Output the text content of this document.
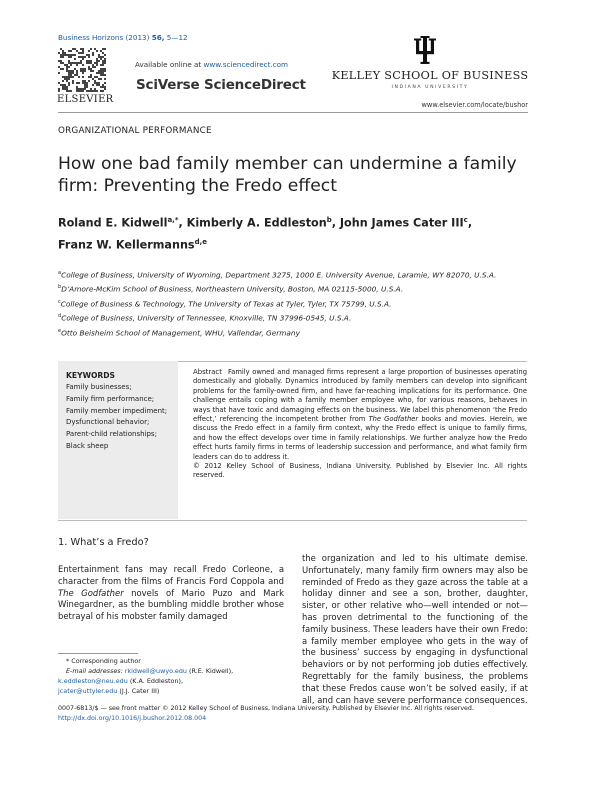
Business Horizons (2013) 56, 5—12
ELSEVIER
Available online at www.sciencedirect.com
SciVerse ScienceDirect
KELLEY SCHOOL OF BUSINESS
INDIANA UNIVERSITY
www.elsevier.com/locate/bushor
ORGANIZATIONAL PERFORMANCE
How one bad family member can undermine a family firm: Preventing the Fredo effect
Roland E. Kidwell$^{a,*}$, Kimberly A. Eddleston$^b$, John James Cater III$^c$,
Franz W. Kellermanns$^{d,e}$
$^a$College of Business, University of Wyoming, Department 3275, 1000 E. University Avenue, Laramie, WY 82070, U.S.A.
$^b$D’Amore-McKim School of Business, Northeastern University, Boston, MA 02115-5000, U.S.A.
$^c$College of Business & Technology, The University of Texas at Tyler, Tyler, TX 75799, U.S.A.
$^d$College of Business, University of Tennessee, Knoxville, TN 37996-0545, U.S.A.
$^e$Otto Beisheim School of Management, WHU, Vallendar, Germany
KEYWORDS
Family businesses;
Family firm performance;
Family member impediment;
Dysfunctional behavior;
Parent-child relationships;
Black sheep
Abstract Family owned and managed firms represent a large proportion of businesses operating domestically and globally. Dynamics introduced by family members can develop into significant problems for the family-owned firm, and have far-reaching implications for its performance. One challenge entails coping with a family member employee who, for various reasons, behaves in ways that have toxic and damaging effects on the business. We label this phenomenon ‘the Fredo effect,’ referencing the incompetent brother from The Godfather books and movies. Herein, we discuss the Fredo effect in a family firm context, why the Fredo effect is unique to family firms, and how the effect develops over time in family relationships. We further analyze how the Fredo effect hurts family firms in terms of leadership succession and performance, and what family firm leaders can do to address it.
© 2012 Kelley School of Business, Indiana University. Published by Elsevier Inc. All rights reserved.
1. What’s a Fredo?
Entertainment fans may recall Fredo Corleone, a character from the films of Francis Ford Coppola and The Godfather novels of Mario Puzo and Mark Winegardner, as the bumbling middle brother whose betrayal of his mobster family damaged
the organization and led to his ultimate demise. Unfortunately, many family firm owners may also be reminded of Fredo as they gaze across the table at a holiday dinner and see a son, brother, daughter, sister, or other relative who—well intended or not—has proven detrimental to the functioning of the family business. These leaders have their own Fredo: a family member employee who gets in the way of the business’ success by engaging in dysfunctional behaviors or by not performing job duties effectively. Regrettably for the family business, the problems that these Fredos cause won’t be solved easily, if at all, and can have severe performance consequences.
* Corresponding author
E-mail addresses: rkidwell@uwyo.edu (R.E. Kidwell),
k.eddleston@neu.edu (K.A. Eddleston),
jcater@uttyler.edu (J.J. Cater III)
0007-6813/$ — see front matter © 2012 Kelley School of Business, Indiana University. Published by Elsevier Inc. All rights reserved.
http://dx.doi.org/10.1016/j.bushor.2012.08.004
